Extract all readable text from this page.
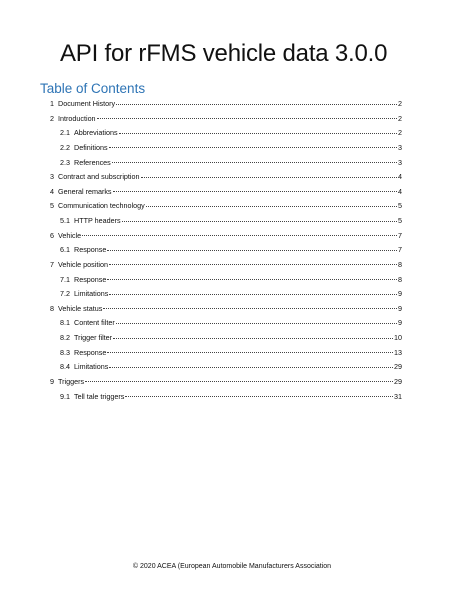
API for rFMS vehicle data 3.0.0
Table of Contents
1 Document History	2
2 Introduction	2
2.1 Abbreviations	2
2.2 Definitions	3
2.3 References	3
3 Contract and subscription	4
4 General remarks	4
5 Communication technology	5
5.1 HTTP headers	5
6 Vehicle	7
6.1 Response	7
7 Vehicle position	8
7.1 Response	8
7.2 Limitations	9
8 Vehicle status	9
8.1 Content filter	9
8.2 Trigger filter	10
8.3 Response	13
8.4 Limitations	29
9 Triggers	29
9.1 Tell tale triggers	31
© 2020 ACEA (European Automobile Manufacturers Association
